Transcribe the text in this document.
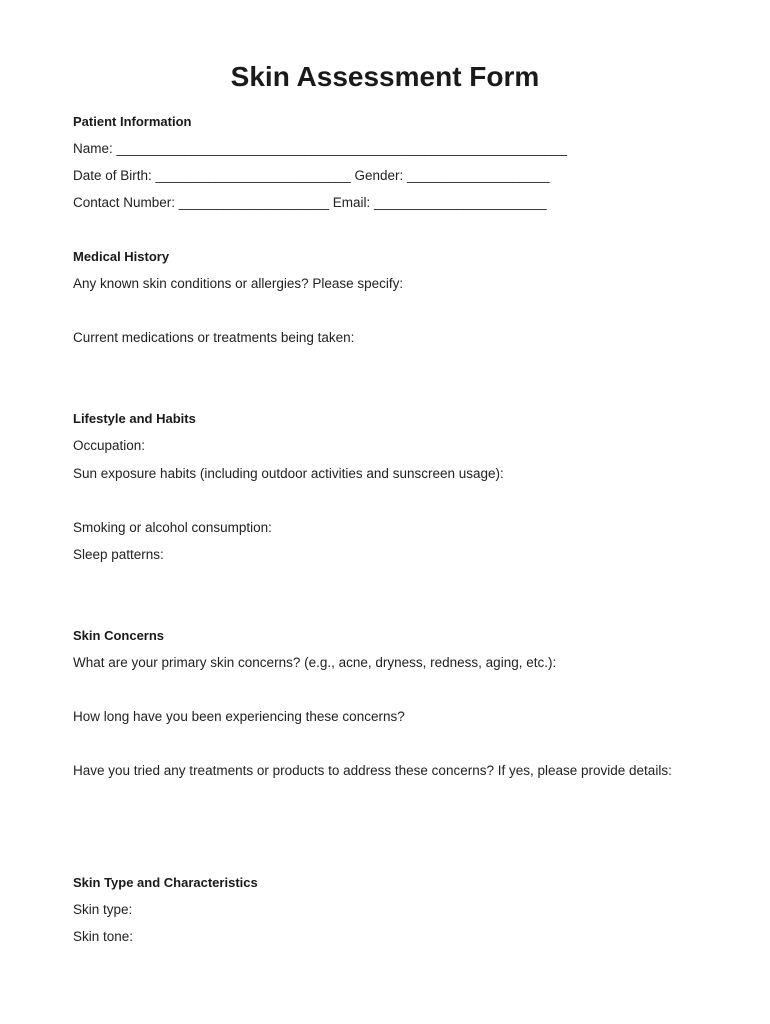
Skin Assessment Form
Patient Information
Name: ____________________________________________________________
Date of Birth: __________________________ Gender: ___________________
Contact Number: ____________________ Email: _______________________
Medical History
Any known skin conditions or allergies? Please specify:
Current medications or treatments being taken:
Lifestyle and Habits
Occupation:
Sun exposure habits (including outdoor activities and sunscreen usage):
Smoking or alcohol consumption:
Sleep patterns:
Skin Concerns
What are your primary skin concerns? (e.g., acne, dryness, redness, aging, etc.):
How long have you been experiencing these concerns?
Have you tried any treatments or products to address these concerns? If yes, please provide details:
Skin Type and Characteristics
Skin type:
Skin tone:
